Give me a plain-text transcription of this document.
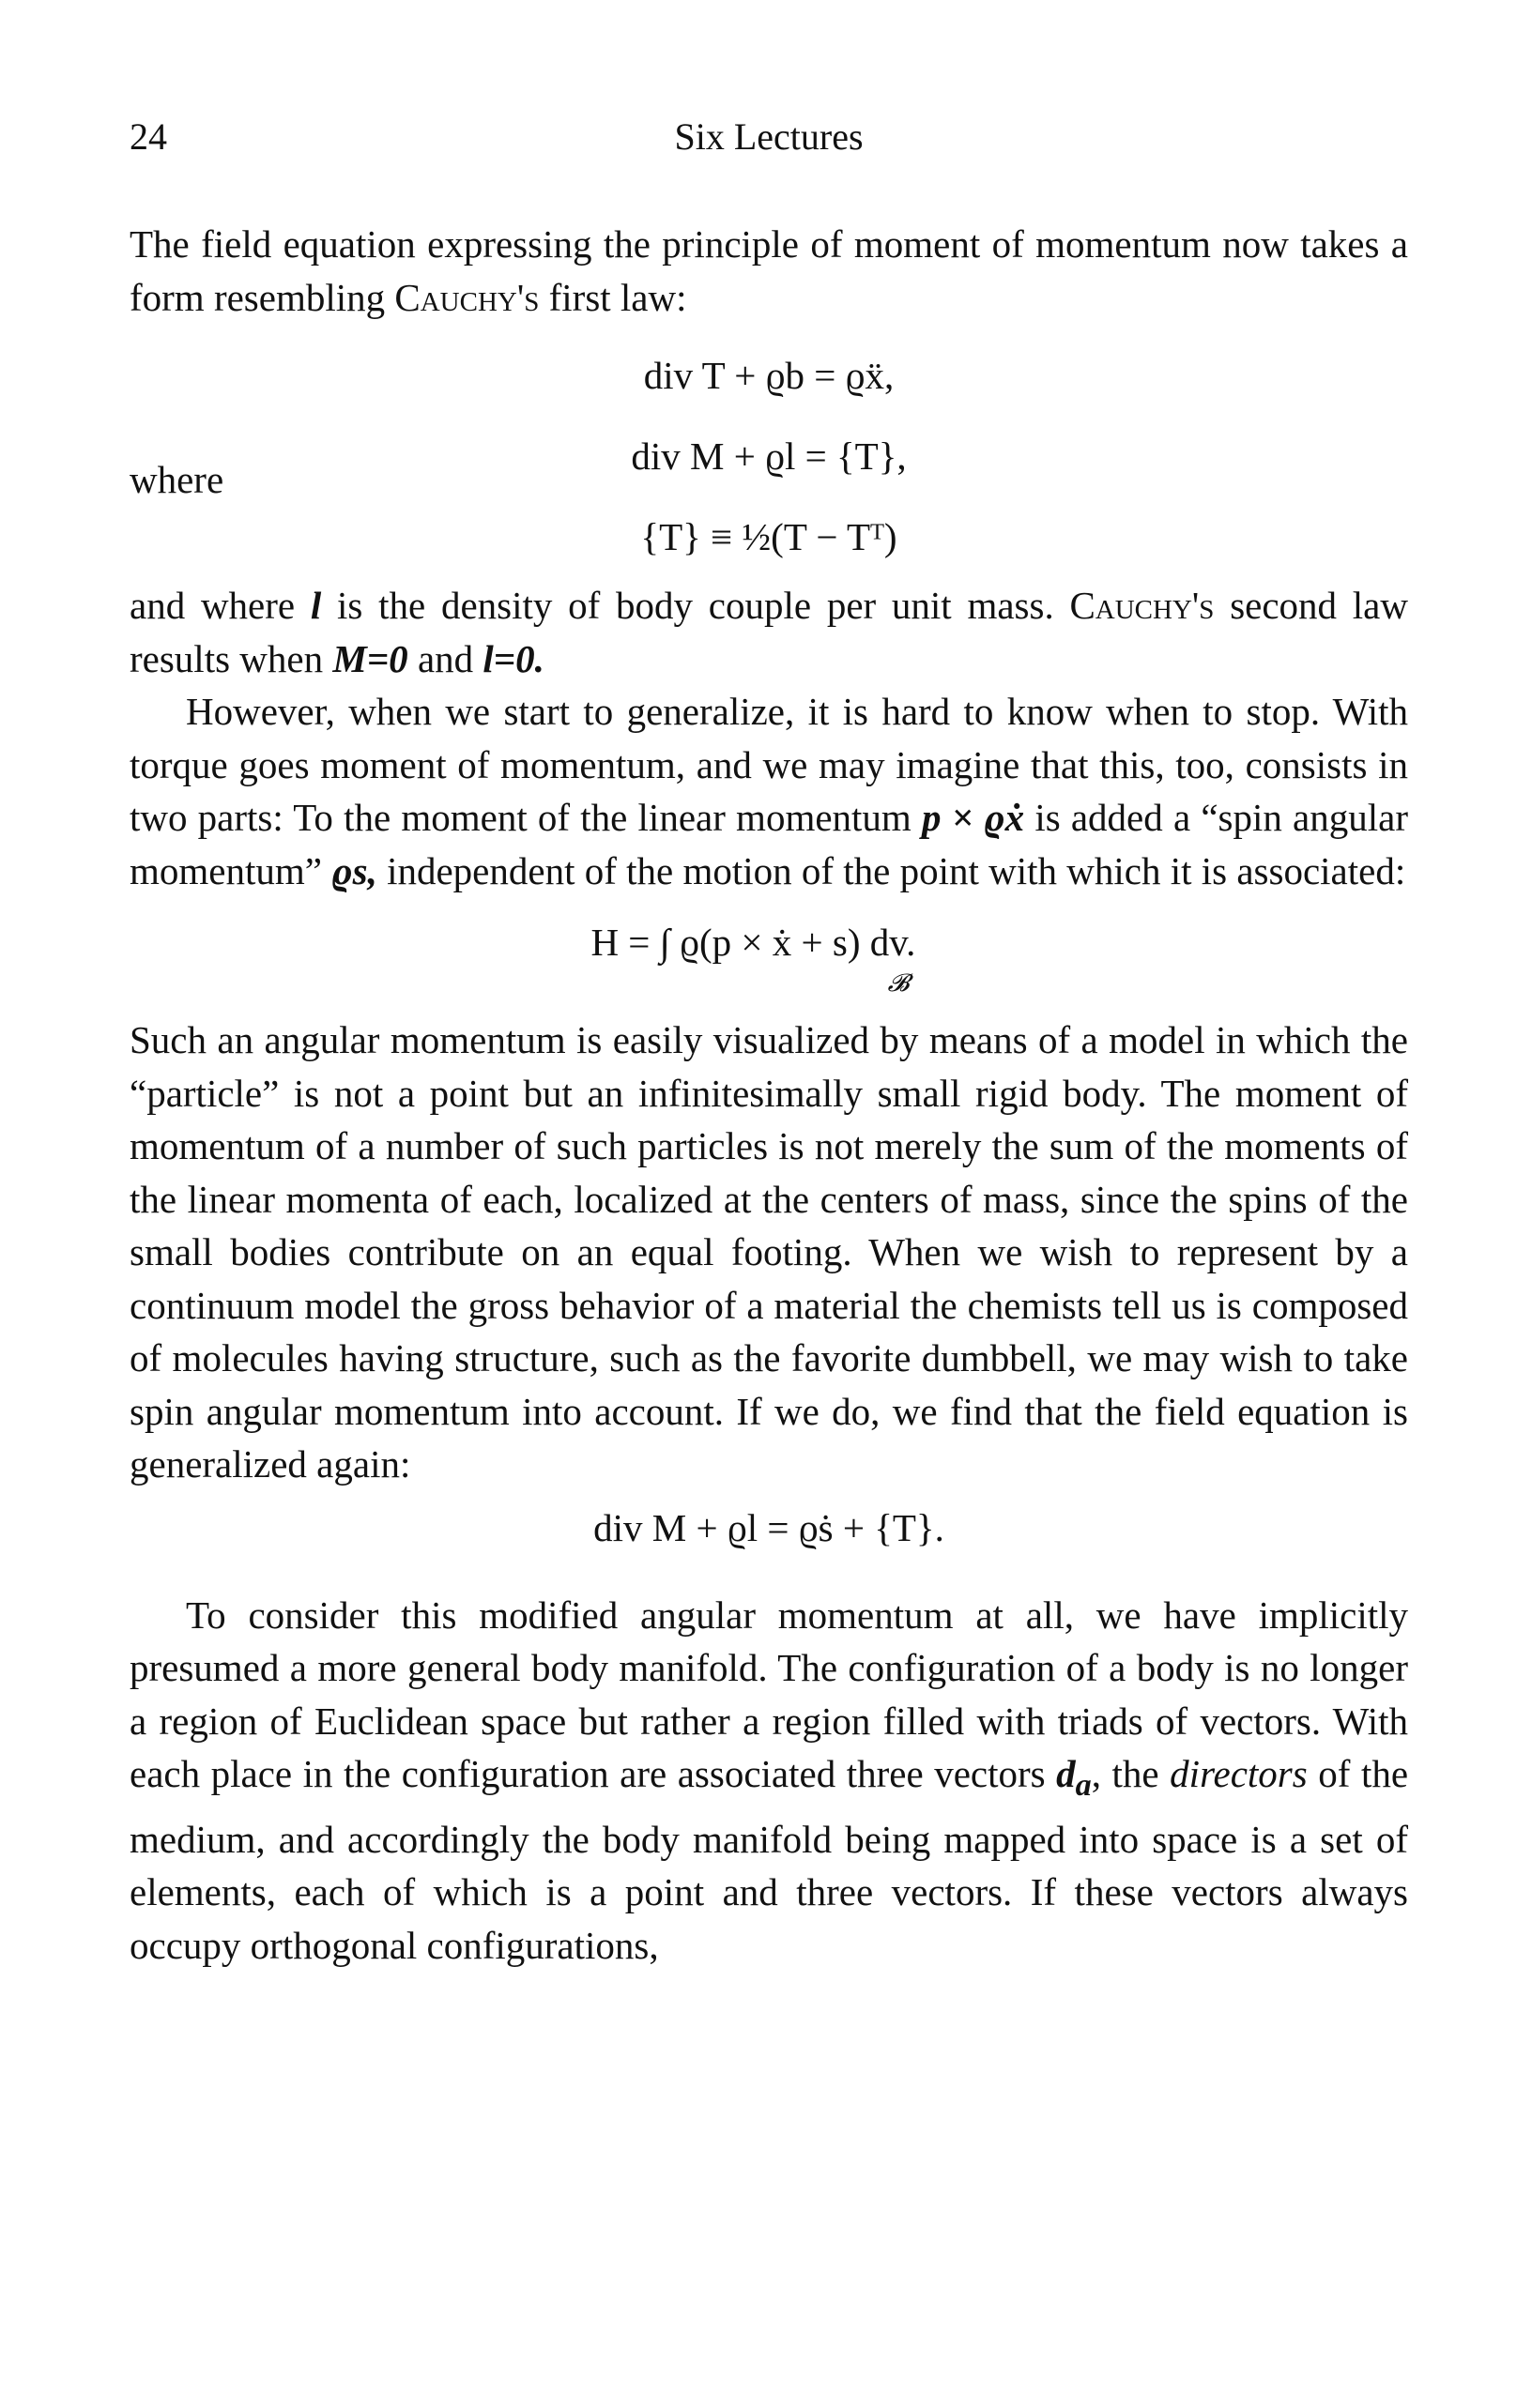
24	Six Lectures

The field equation expressing the principle of moment of momentum now takes a form resembling Cauchy's first law:

div T + ϱb = ϱẍ,
div M + ϱl = {T},
{T} ≡ ½(T − Tᵀ)
where

and where l is the density of body couple per unit mass. Cauchy's second law results when M=0 and l=0.

However, when we start to generalize, it is hard to know when to stop. With torque goes moment of momentum, and we may imagine that this, too, consists in two parts: To the moment of the linear momentum p × ϱẋ is added a “spin angular momentum” ϱs, independent of the motion of the point with which it is associated:

H = ∫ ϱ(p × ẋ + s) dv. $_𝓑$

Such an angular momentum is easily visualized by means of a model in which the “particle” is not a point but an infinitesimally small rigid body. The moment of momentum of a number of such particles is not merely the sum of the moments of the linear momenta of each, localized at the centers of mass, since the spins of the small bodies contribute on an equal footing. When we wish to represent by a continuum model the gross behavior of a material the chemists tell us is composed of molecules having structure, such as the favorite dumbbell, we may wish to take spin angular momentum into account. If we do, we find that the field equation is generalized again:

div M + ϱl = ϱṡ + {T}.

To consider this modified angular momentum at all, we have implicitly presumed a more general body manifold. The configuration of a body is no longer a region of Euclidean space but rather a region filled with triads of vectors. With each place in the configuration are associated three vectors $d_a$, the directors of the medium, and accordingly the body manifold being mapped into space is a set of elements, each of which is a point and three vectors. If these vectors always occupy orthogonal configurations,
